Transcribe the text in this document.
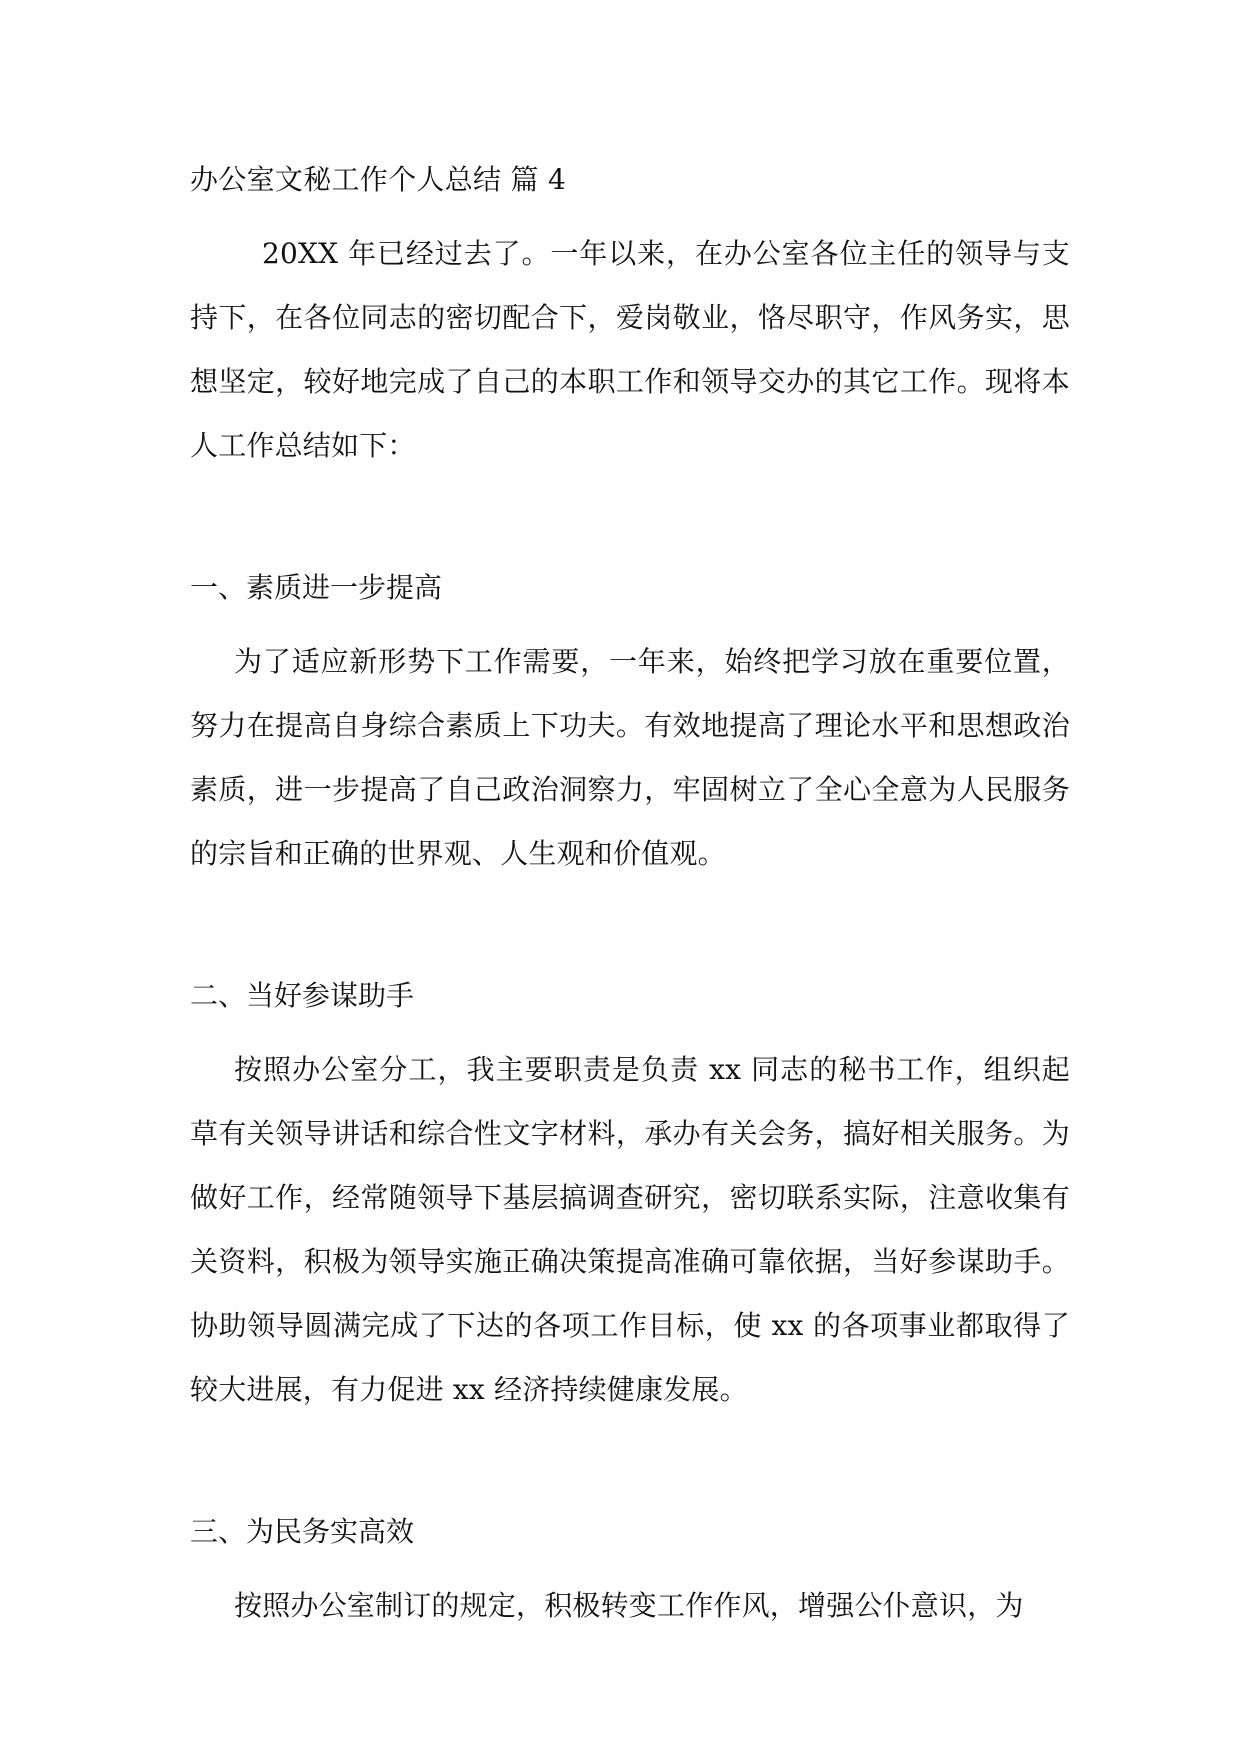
办公室文秘工作个人总结 篇 4

20XX 年已经过去了。一年以来，在办公室各位主任的领导与支持下，在各位同志的密切配合下，爱岗敬业，恪尽职守，作风务实，思想坚定，较好地完成了自己的本职工作和领导交办的其它工作。现将本人工作总结如下：

一、素质进一步提高

为了适应新形势下工作需要，一年来，始终把学习放在重要位置，努力在提高自身综合素质上下功夫。有效地提高了理论水平和思想政治素质，进一步提高了自己政治洞察力，牢固树立了全心全意为人民服务的宗旨和正确的世界观、人生观和价值观。

二、当好参谋助手

按照办公室分工，我主要职责是负责 xx 同志的秘书工作，组织起草有关领导讲话和综合性文字材料，承办有关会务，搞好相关服务。为做好工作，经常随领导下基层搞调查研究，密切联系实际，注意收集有关资料，积极为领导实施正确决策提高准确可靠依据，当好参谋助手。协助领导圆满完成了下达的各项工作目标，使 xx 的各项事业都取得了较大进展，有力促进 xx 经济持续健康发展。

三、为民务实高效

按照办公室制订的规定，积极转变工作作风，增强公仆意识，为
